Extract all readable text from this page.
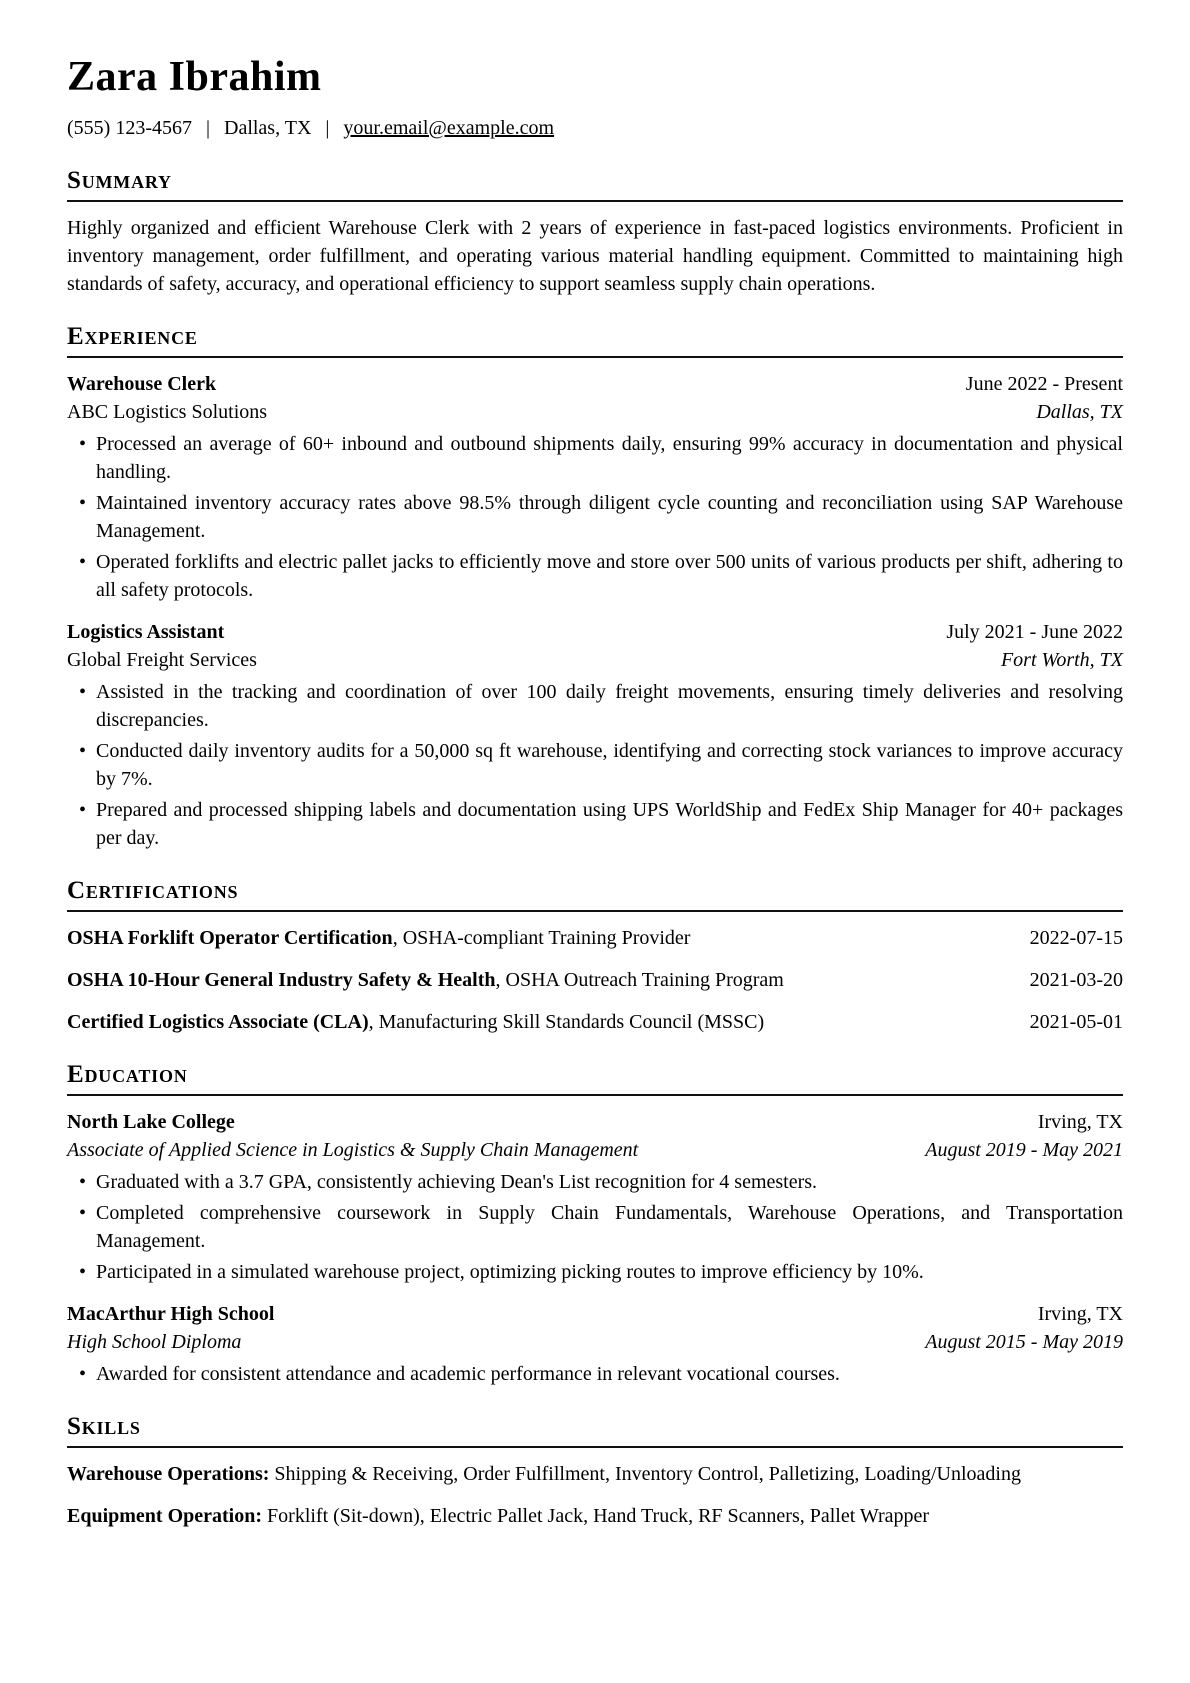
Zara Ibrahim
(555) 123-4567 | Dallas, TX | your.email@example.com
Summary

Highly organized and efficient Warehouse Clerk with 2 years of experience in fast-paced logistics environments. Proficient in inventory management, order fulfillment, and operating various material handling equipment. Committed to maintaining high standards of safety, accuracy, and operational efficiency to support seamless supply chain operations.

Experience
Warehouse Clerk	June 2022 - Present
ABC Logistics Solutions	Dallas, TX
• Processed an average of 60+ inbound and outbound shipments daily, ensuring 99% accuracy in documentation and physical handling.
• Maintained inventory accuracy rates above 98.5% through diligent cycle counting and reconciliation using SAP Warehouse Management.
• Operated forklifts and electric pallet jacks to efficiently move and store over 500 units of various products per shift, adhering to all safety protocols.
Logistics Assistant	July 2021 - June 2022
Global Freight Services	Fort Worth, TX
• Assisted in the tracking and coordination of over 100 daily freight movements, ensuring timely deliveries and resolving discrepancies.
• Conducted daily inventory audits for a 50,000 sq ft warehouse, identifying and correcting stock variances to improve accuracy by 7%.
• Prepared and processed shipping labels and documentation using UPS WorldShip and FedEx Ship Manager for 40+ packages per day.
Certifications
OSHA Forklift Operator Certification, OSHA-compliant Training Provider	2022-07-15
OSHA 10-Hour General Industry Safety & Health, OSHA Outreach Training Program	2021-03-20
Certified Logistics Associate (CLA), Manufacturing Skill Standards Council (MSSC)	2021-05-01
Education
North Lake College	Irving, TX
Associate of Applied Science in Logistics & Supply Chain Management	August 2019 - May 2021
• Graduated with a 3.7 GPA, consistently achieving Dean's List recognition for 4 semesters.
• Completed comprehensive coursework in Supply Chain Fundamentals, Warehouse Operations, and Transportation Management.
• Participated in a simulated warehouse project, optimizing picking routes to improve efficiency by 10%.
MacArthur High School	Irving, TX
High School Diploma	August 2015 - May 2019
• Awarded for consistent attendance and academic performance in relevant vocational courses.
Skills

Warehouse Operations: Shipping & Receiving, Order Fulfillment, Inventory Control, Palletizing, Loading/Unloading

Equipment Operation: Forklift (Sit-down), Electric Pallet Jack, Hand Truck, RF Scanners, Pallet Wrapper
